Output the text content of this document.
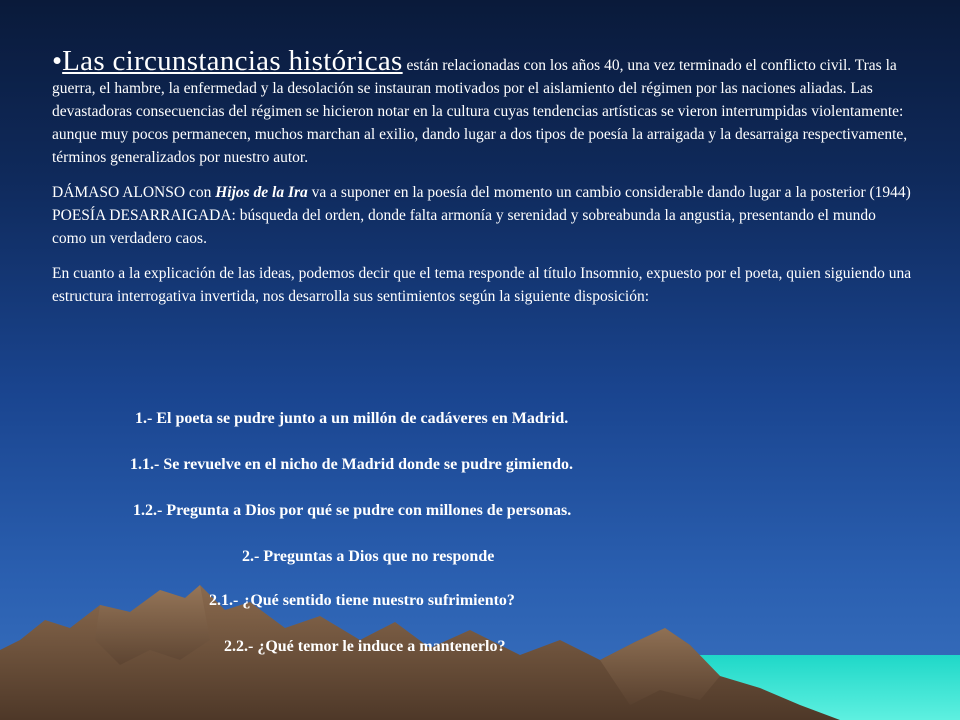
•Las circunstancias históricas están relacionadas con los años 40, una vez terminado el conflicto civil. Tras la guerra, el hambre, la enfermedad y la desolación se instauran motivados por el aislamiento del régimen por las naciones aliadas. Las devastadoras consecuencias del régimen se hicieron notar en la cultura cuyas tendencias artísticas se vieron interrumpidas violentamente: aunque muy pocos permanecen, muchos marchan al exilio, dando lugar a dos tipos de poesía la arraigada y la desarraiga respectivamente, términos generalizados por nuestro autor.

DÁMASO ALONSO con Hijos de la Ira va a suponer en la poesía del momento un cambio considerable dando lugar a la posterior (1944) POESÍA DESARRAIGADA: búsqueda del orden, donde falta armonía y serenidad y sobreabunda la angustia, presentando el mundo como un verdadero caos.

En cuanto a la explicación de las ideas, podemos decir que el tema responde al título Insomnio, expuesto por el poeta, quien siguiendo una estructura interrogativa invertida, nos desarrolla sus sentimientos según la siguiente disposición:

1.- El poeta se pudre junto a un millón de cadáveres en Madrid.
1.1.- Se revuelve en el nicho de Madrid donde se pudre gimiendo.
1.2.- Pregunta a Dios por qué se pudre con millones de personas.
2.- Preguntas a Dios que no responde
2.1.- ¿Qué sentido tiene nuestro sufrimiento?
2.2.- ¿Qué temor le induce a mantenerlo?
